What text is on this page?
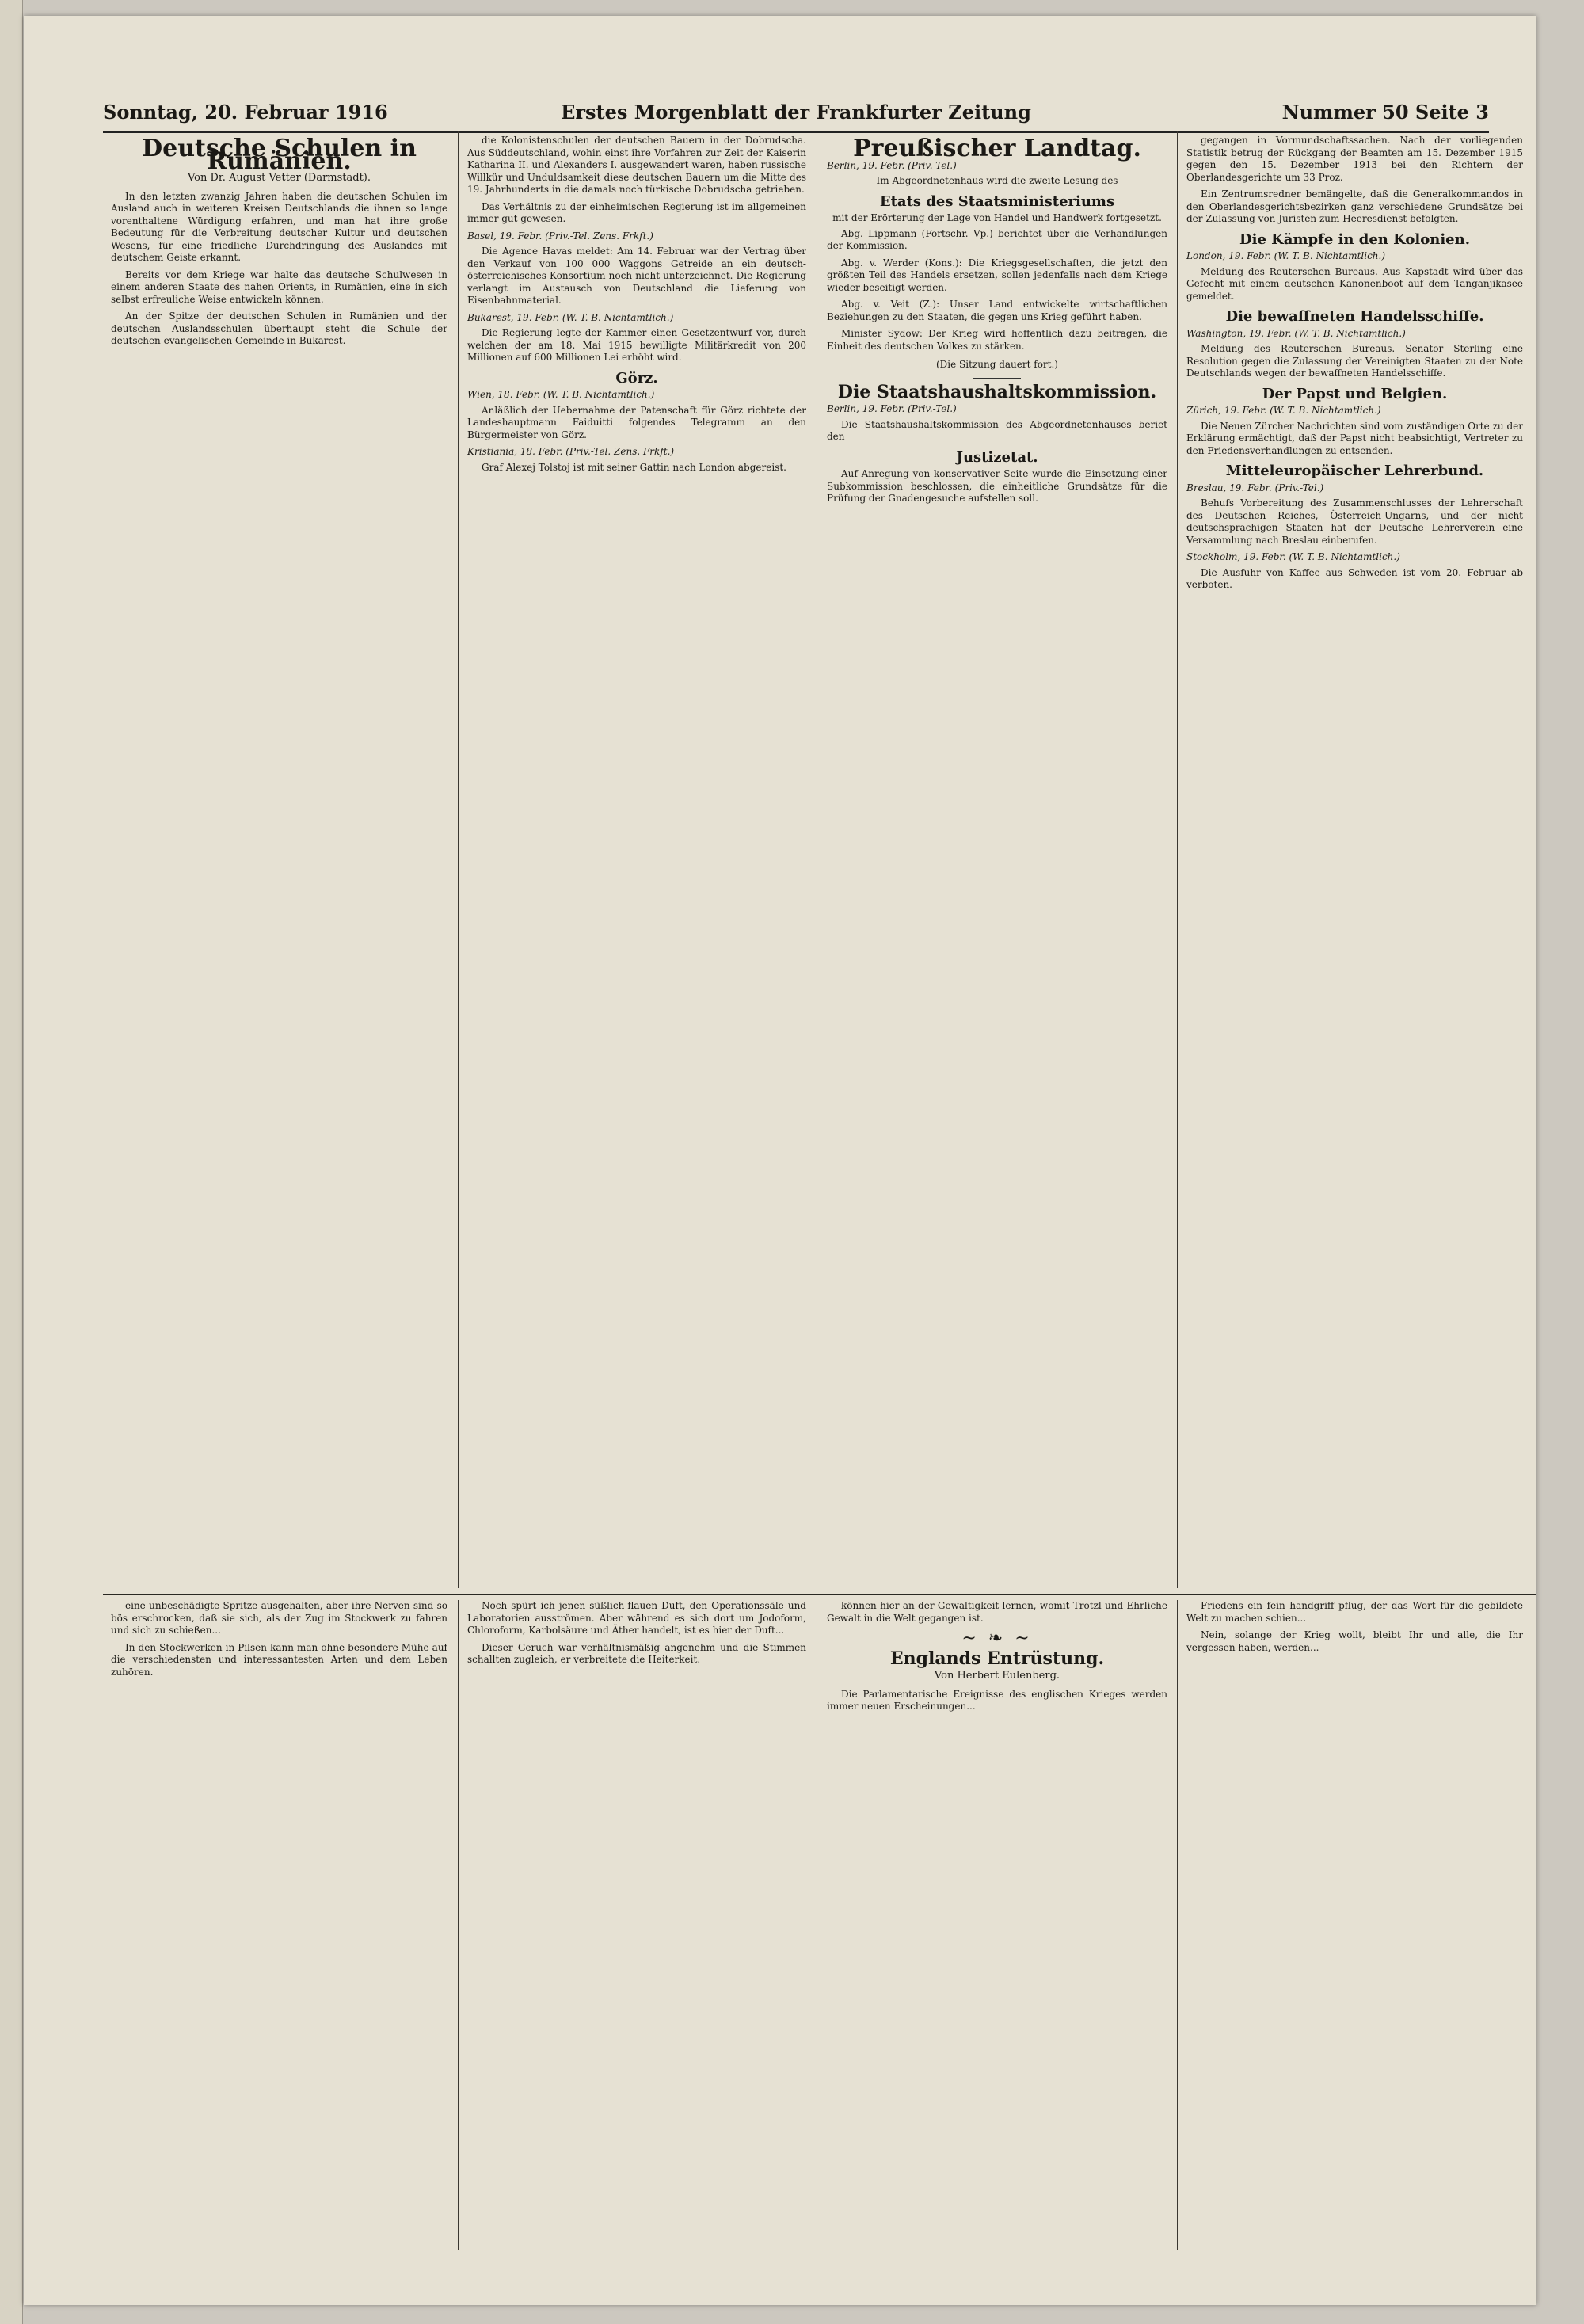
Sonntag, 20. Februar 1916	Erstes Morgenblatt der Frankfurter Zeitung	Nummer 50 Seite 3
Deutsche Schulen in Rumänien.
Von Dr. August Vetter (Darmstadt).

In den letzten zwanzig Jahren haben die deutschen Schulen im Ausland auch in weiteren Kreisen Deutschlands die ihnen so lange vorenthaltene Würdigung erfahren, und man hat ihre große Bedeutung für die Verbreitung deutscher Kultur und deutschen Wesens, für eine friedliche Durchdringung des Auslandes mit deutschem Geiste erkannt.

Bereits vor dem Kriege war halte das deutsche Schulwesen in einem anderen Staate des nahen Orients, in Rumänien, eine in sich selbst erfreuliche Weise entwickeln können.

An der Spitze der deutschen Schulen in Rumänien und der deutschen Auslandsschulen überhaupt steht die Schule der deutschen evangelischen Gemeinde in Bukarest.

die Kolonistenschulen der deutschen Bauern in der Dobrudscha. Aus Süddeutschland, wohin einst ihre Vorfahren zur Zeit der Kaiserin Katharina II. und Alexanders I. ausgewandert waren, haben russische Willkür und Unduldsamkeit diese deutschen Bauern um die Mitte des 19. Jahrhunderts in die damals noch türkische Dobrudscha getrieben.

Das Verhältnis zu der einheimischen Regierung ist im allgemeinen immer gut gewesen.

Basel, 19. Febr. (Priv.-Tel. Zens. Frkft.)

Die Agence Havas meldet: Am 14. Februar war der Vertrag über den Verkauf von 100 000 Waggons Getreide an ein deutsch-österreichisches Konsortium noch nicht unterzeichnet. Die Regierung verlangt im Austausch von Deutschland die Lieferung von Eisenbahnmaterial.

Bukarest, 19. Febr. (W. T. B. Nichtamtlich.)

Die Regierung legte der Kammer einen Gesetzentwurf vor, durch welchen der am 18. Mai 1915 bewilligte Militärkredit von 200 Millionen auf 600 Millionen Lei erhöht wird.

Görz.
Wien, 18. Febr. (W. T. B. Nichtamtlich.)

Anläßlich der Uebernahme der Patenschaft für Görz richtete der Landeshauptmann Faiduitti folgendes Telegramm an den Bürgermeister von Görz.

Kristiania, 18. Febr. (Priv.-Tel. Zens. Frkft.)

Graf Alexej Tolstoj ist mit seiner Gattin nach London abgereist.

Preußischer Landtag.
Berlin, 19. Febr. (Priv.-Tel.)
Im Abgeordnetenhaus wird die zweite Lesung des
Etats des Staatsministeriums
mit der Erörterung der Lage von Handel und Handwerk fortgesetzt.

Abg. Lippmann (Fortschr. Vp.) berichtet über die Verhandlungen der Kommission.

Abg. v. Werder (Kons.): Die Kriegsgesellschaften, die jetzt den größten Teil des Handels ersetzen, sollen jedenfalls nach dem Kriege wieder beseitigt werden.

Abg. v. Veit (Z.): Unser Land entwickelte wirtschaftlichen Beziehungen zu den Staaten, die gegen uns Krieg geführt haben.

Minister Sydow: Der Krieg wird hoffentlich dazu beitragen, die Einheit des deutschen Volkes zu stärken.

(Die Sitzung dauert fort.)
Die Staatshaushaltskommission.
Berlin, 19. Febr. (Priv.-Tel.)

Die Staatshaushaltskommission des Abgeordnetenhauses beriet den

Justizetat.

Auf Anregung von konservativer Seite wurde die Einsetzung einer Subkommission beschlossen, die einheitliche Grundsätze für die Prüfung der Gnadengesuche aufstellen soll.

gegangen in Vormundschaftssachen. Nach der vorliegenden Statistik betrug der Rückgang der Beamten am 15. Dezember 1915 gegen den 15. Dezember 1913 bei den Richtern der Oberlandesgerichte um 33 Proz.

Ein Zentrumsredner bemängelte, daß die Generalkommandos in den Oberlandesgerichtsbezirken ganz verschiedene Grundsätze bei der Zulassung von Juristen zum Heeresdienst befolgten.

Die Kämpfe in den Kolonien.
London, 19. Febr. (W. T. B. Nichtamtlich.)

Meldung des Reuterschen Bureaus. Aus Kapstadt wird über das Gefecht mit einem deutschen Kanonenboot auf dem Tanganjikasee gemeldet.

Die bewaffneten Handelsschiffe.
Washington, 19. Febr. (W. T. B. Nichtamtlich.)

Meldung des Reuterschen Bureaus. Senator Sterling eine Resolution gegen die Zulassung der Vereinigten Staaten zu der Note Deutschlands wegen der bewaffneten Handelsschiffe.

Der Papst und Belgien.
Zürich, 19. Febr. (W. T. B. Nichtamtlich.)

Die Neuen Zürcher Nachrichten sind vom zuständigen Orte zu der Erklärung ermächtigt, daß der Papst nicht beabsichtigt, Vertreter zu den Friedensverhandlungen zu entsenden.

Mitteleuropäischer Lehrerbund.
Breslau, 19. Febr. (Priv.-Tel.)

Behufs Vorbereitung des Zusammenschlusses der Lehrerschaft des Deutschen Reiches, Österreich-Ungarns, und der nicht deutschsprachigen Staaten hat der Deutsche Lehrerverein eine Versammlung nach Breslau einberufen.

Stockholm, 19. Febr. (W. T. B. Nichtamtlich.)

Die Ausfuhr von Kaffee aus Schweden ist vom 20. Februar ab verboten.

eine unbeschädigte Spritze ausgehalten, aber ihre Nerven sind so bös erschrocken, daß sie sich, als der Zug im Stockwerk zu fahren und sich zu schießen...

In den Stockwerken in Pilsen kann man ohne besondere Mühe auf die verschiedensten und interessantesten Arten und dem Leben zuhören.

Noch spürt ich jenen süßlich-flauen Duft, den Operationssäle und Laboratorien ausströmen. Aber während es sich dort um Jodoform, Chloroform, Karbolsäure und Äther handelt, ist es hier der Duft...

Dieser Geruch war verhältnismäßig angenehm und die Stimmen schallten zugleich, er verbreitete die Heiterkeit.

können hier an der Gewaltigkeit lernen, womit Trotzl und Ehrliche Gewalt in die Welt gegangen ist.

~ ❧ ~
Englands Entrüstung.
Von Herbert Eulenberg.

Die Parlamentarische Ereignisse des englischen Krieges werden immer neuen Erscheinungen...

Friedens ein fein handgriff pflug, der das Wort für die gebildete Welt zu machen schien...

Nein, solange der Krieg wollt, bleibt Ihr und alle, die Ihr vergessen haben, werden...
